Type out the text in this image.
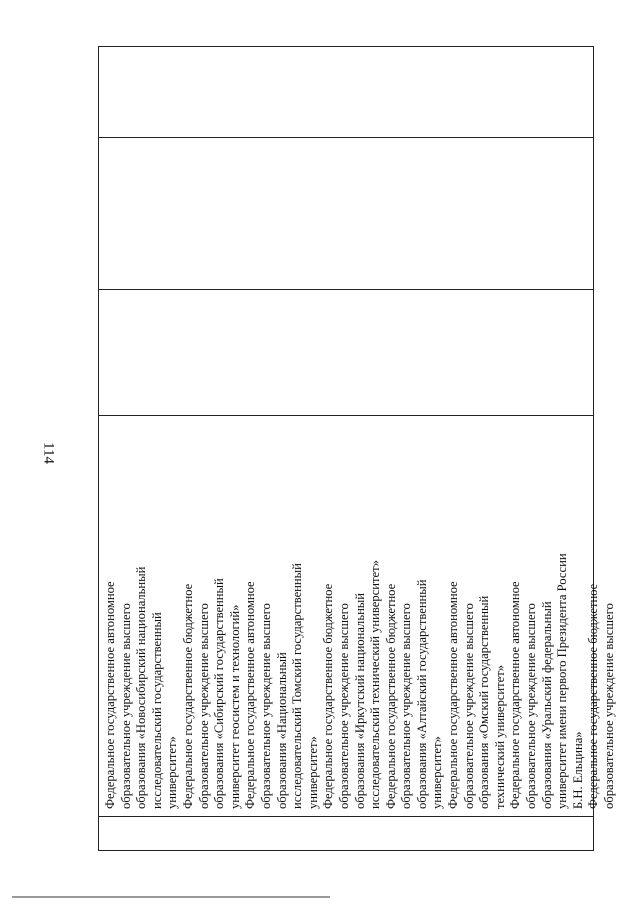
114
Федеральное государственное автономное образовательное учреждение высшего образования «Новосибирский национальный исследовательский государственный университет» Федеральное государственное бюджетное образовательное учреждение высшего образования «Сибирский государственный университет геосистем и технологий» Федеральное государственное автономное образовательное учреждение высшего образования «Национальный исследовательский Томский государственный университет» Федеральное государственное бюджетное образовательное учреждение высшего образования «Иркутский национальный исследовательский технический университет» Федеральное государственное бюджетное образовательное учреждение высшего образования «Алтайский государственный университет» Федеральное государственное автономное образовательное учреждение высшего образования «Омский государственный технический университет» Федеральное государственное автономное образовательное учреждение высшего образования «Уральский федеральный университет имени первого Президента России Б.Н. Ельцина» Федеральное государственное бюджетное образовательное учреждение высшего
